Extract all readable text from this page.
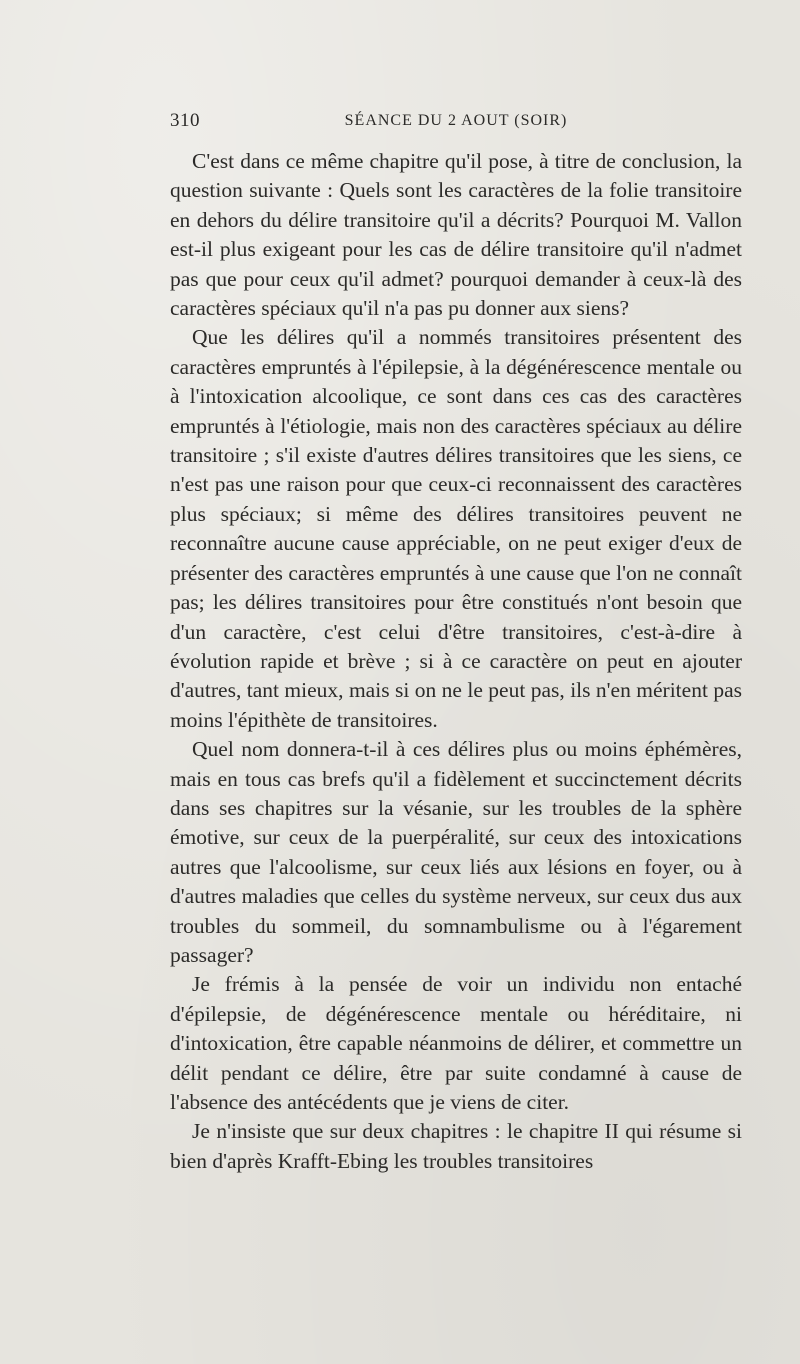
310	SÉANCE DU 2 AOUT (SOIR)

C'est dans ce même chapitre qu'il pose, à titre de conclusion, la question suivante : Quels sont les caractères de la folie transitoire en dehors du délire transitoire qu'il a décrits? Pourquoi M. Vallon est-il plus exigeant pour les cas de délire transitoire qu'il n'admet pas que pour ceux qu'il admet? pourquoi demander à ceux-là des caractères spéciaux qu'il n'a pas pu donner aux siens?

Que les délires qu'il a nommés transitoires présentent des caractères empruntés à l'épilepsie, à la dégénérescence mentale ou à l'intoxication alcoolique, ce sont dans ces cas des caractères empruntés à l'étiologie, mais non des caractères spéciaux au délire transitoire ; s'il existe d'autres délires transitoires que les siens, ce n'est pas une raison pour que ceux-ci reconnaissent des caractères plus spéciaux; si même des délires transitoires peuvent ne reconnaître aucune cause appréciable, on ne peut exiger d'eux de présenter des caractères empruntés à une cause que l'on ne connaît pas; les délires transitoires pour être constitués n'ont besoin que d'un caractère, c'est celui d'être transitoires, c'est-à-dire à évolution rapide et brève ; si à ce caractère on peut en ajouter d'autres, tant mieux, mais si on ne le peut pas, ils n'en méritent pas moins l'épithète de transitoires.

Quel nom donnera-t-il à ces délires plus ou moins éphémères, mais en tous cas brefs qu'il a fidèlement et succinctement décrits dans ses chapitres sur la vésanie, sur les troubles de la sphère émotive, sur ceux de la puerpéralité, sur ceux des intoxications autres que l'alcoolisme, sur ceux liés aux lésions en foyer, ou à d'autres maladies que celles du système nerveux, sur ceux dus aux troubles du sommeil, du somnambulisme ou à l'égarement passager?

Je frémis à la pensée de voir un individu non entaché d'épilepsie, de dégénérescence mentale ou héréditaire, ni d'intoxication, être capable néanmoins de délirer, et commettre un délit pendant ce délire, être par suite condamné à cause de l'absence des antécédents que je viens de citer.

Je n'insiste que sur deux chapitres : le chapitre II qui résume si bien d'après Krafft-Ebing les troubles transitoires
